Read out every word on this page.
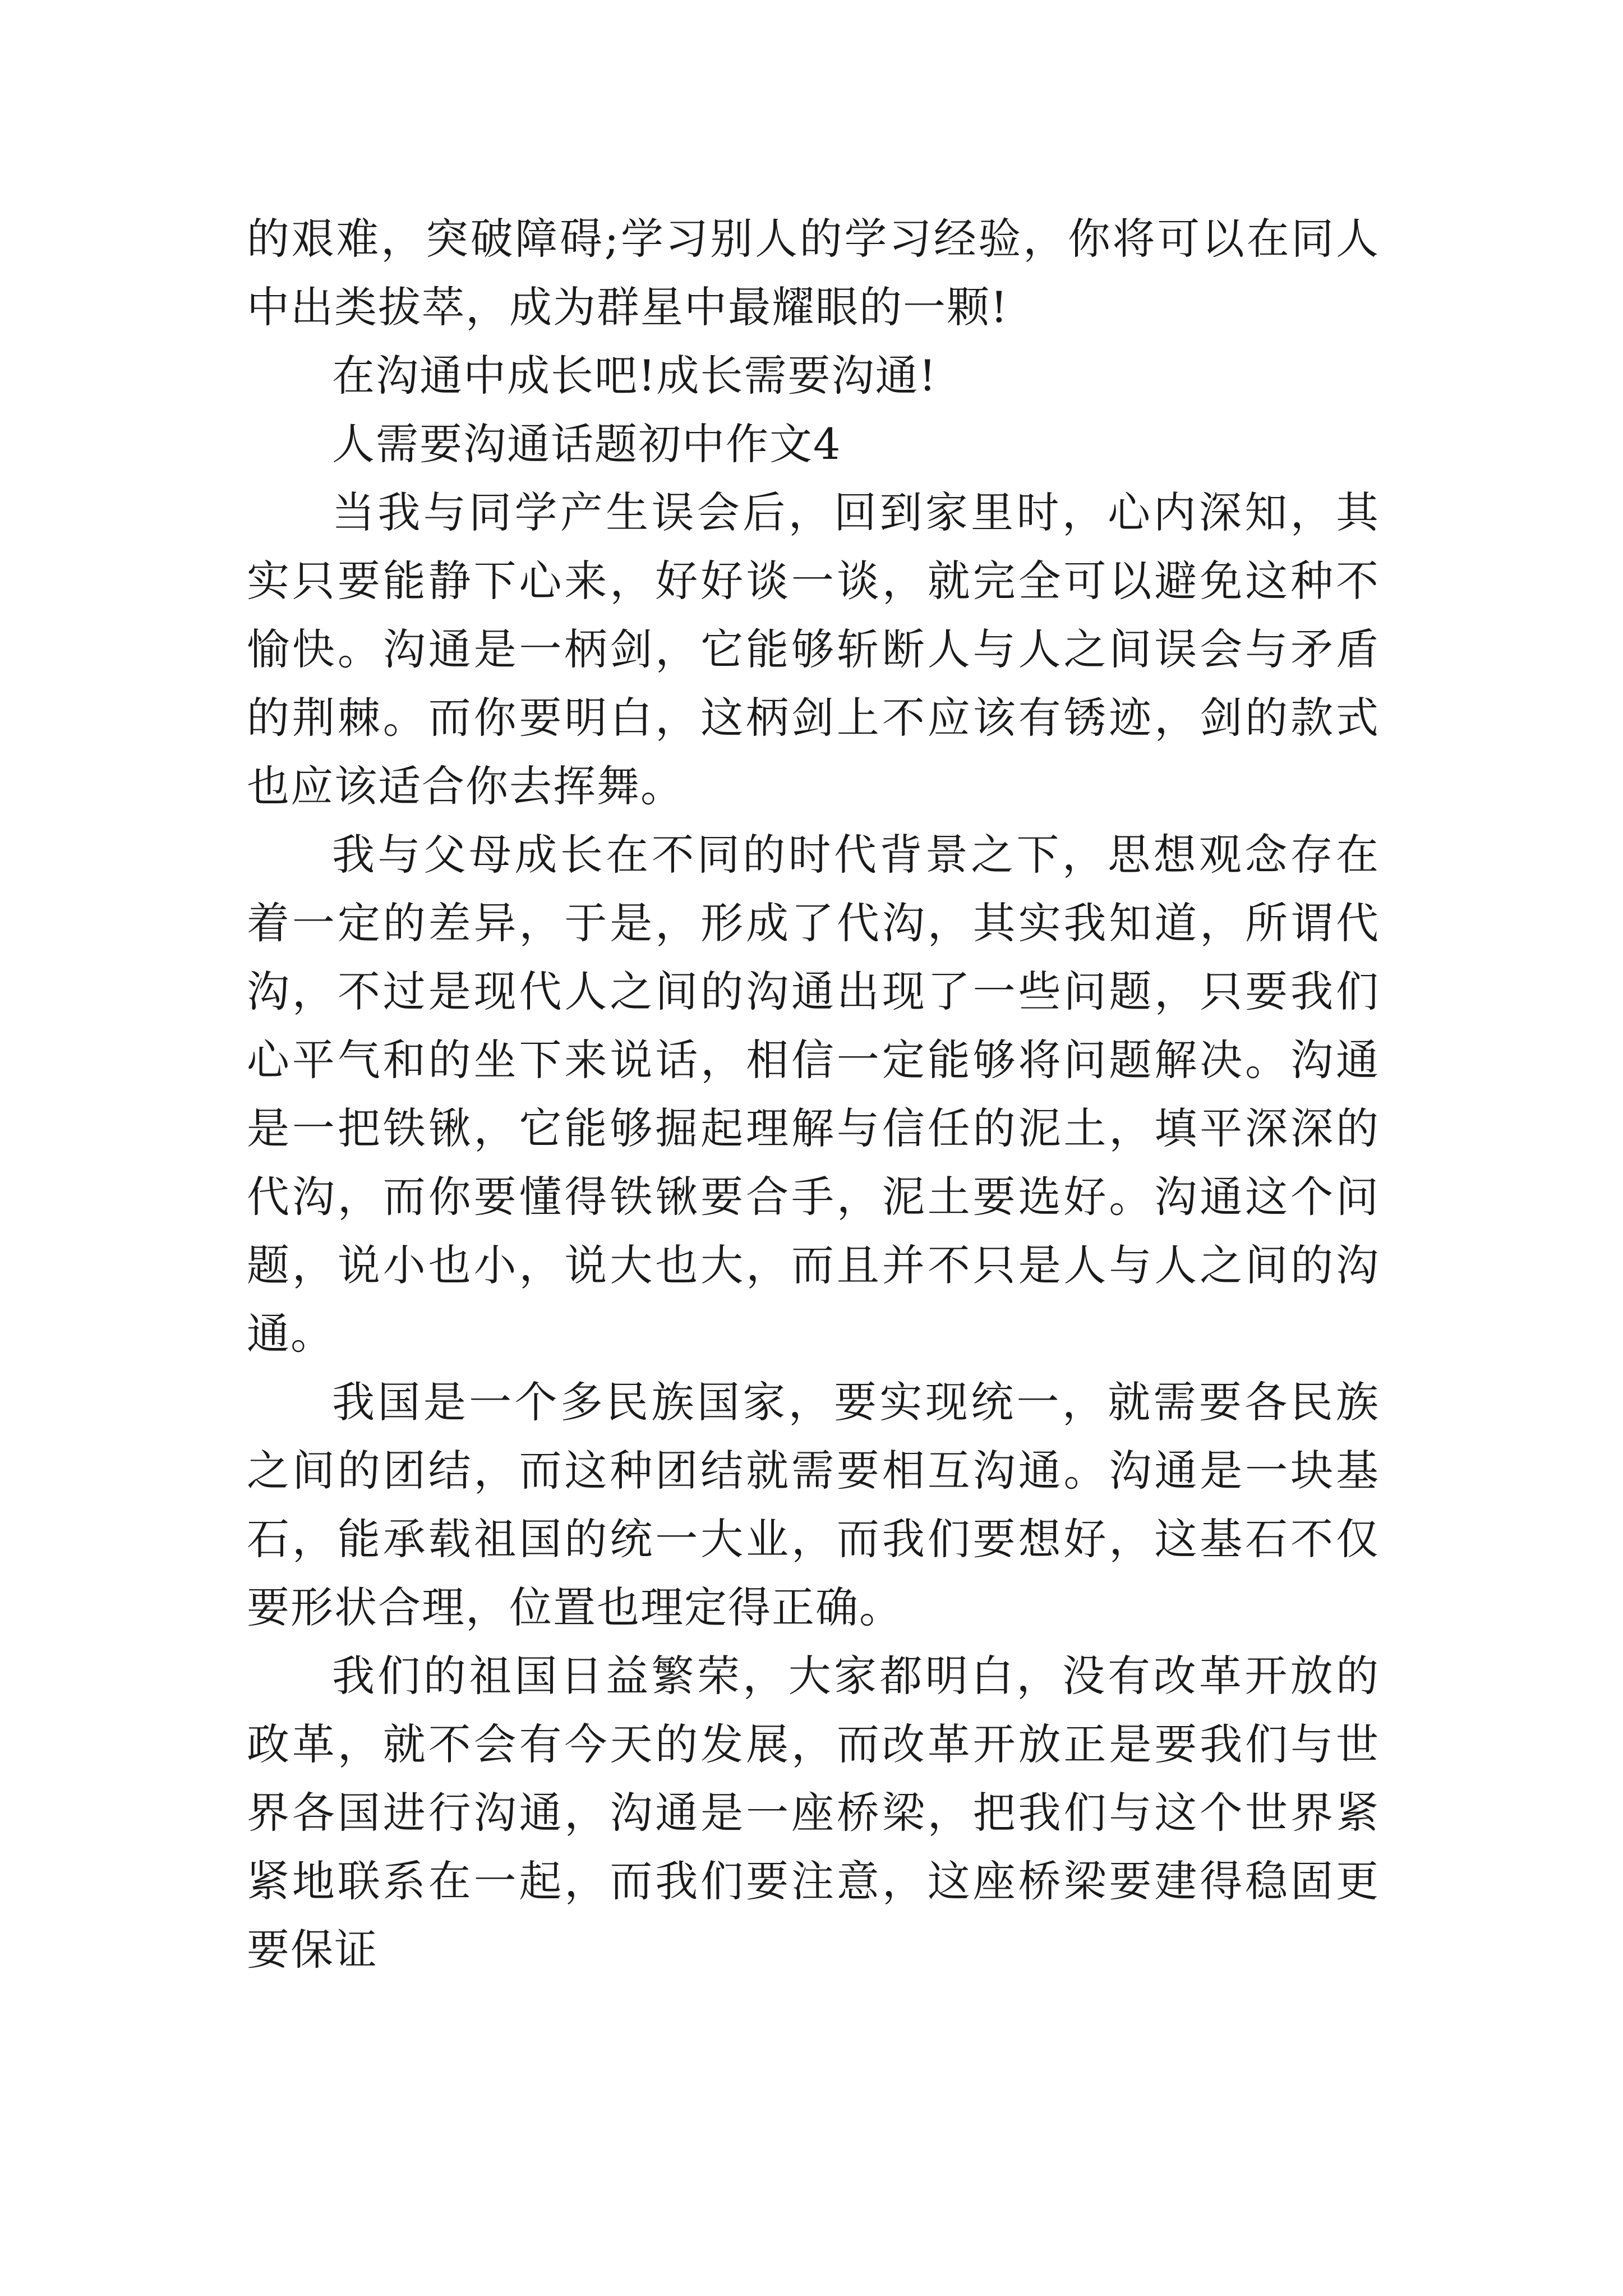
的艰难，突破障碍;学习别人的学习经验，你将可以在同人中出类拔萃，成为群星中最耀眼的一颗!

在沟通中成长吧!成长需要沟通!

人需要沟通话题初中作文4

当我与同学产生误会后，回到家里时，心内深知，其实只要能静下心来，好好谈一谈，就完全可以避免这种不愉快。沟通是一柄剑，它能够斩断人与人之间误会与矛盾的荆棘。而你要明白，这柄剑上不应该有锈迹，剑的款式也应该适合你去挥舞。

我与父母成长在不同的时代背景之下，思想观念存在着一定的差异，于是，形成了代沟，其实我知道，所谓代沟，不过是现代人之间的沟通出现了一些问题，只要我们心平气和的坐下来说话，相信一定能够将问题解决。沟通是一把铁锹，它能够掘起理解与信任的泥土，填平深深的代沟，而你要懂得铁锹要合手，泥土要选好。沟通这个问题，说小也小，说大也大，而且并不只是人与人之间的沟通。

我国是一个多民族国家，要实现统一，就需要各民族之间的团结，而这种团结就需要相互沟通。沟通是一块基石，能承载祖国的统一大业，而我们要想好，这基石不仅要形状合理，位置也理定得正确。

我们的祖国日益繁荣，大家都明白，没有改革开放的政革，就不会有今天的发展，而改革开放正是要我们与世界各国进行沟通，沟通是一座桥梁，把我们与这个世界紧紧地联系在一起，而我们要注意，这座桥梁要建得稳固更要保证
